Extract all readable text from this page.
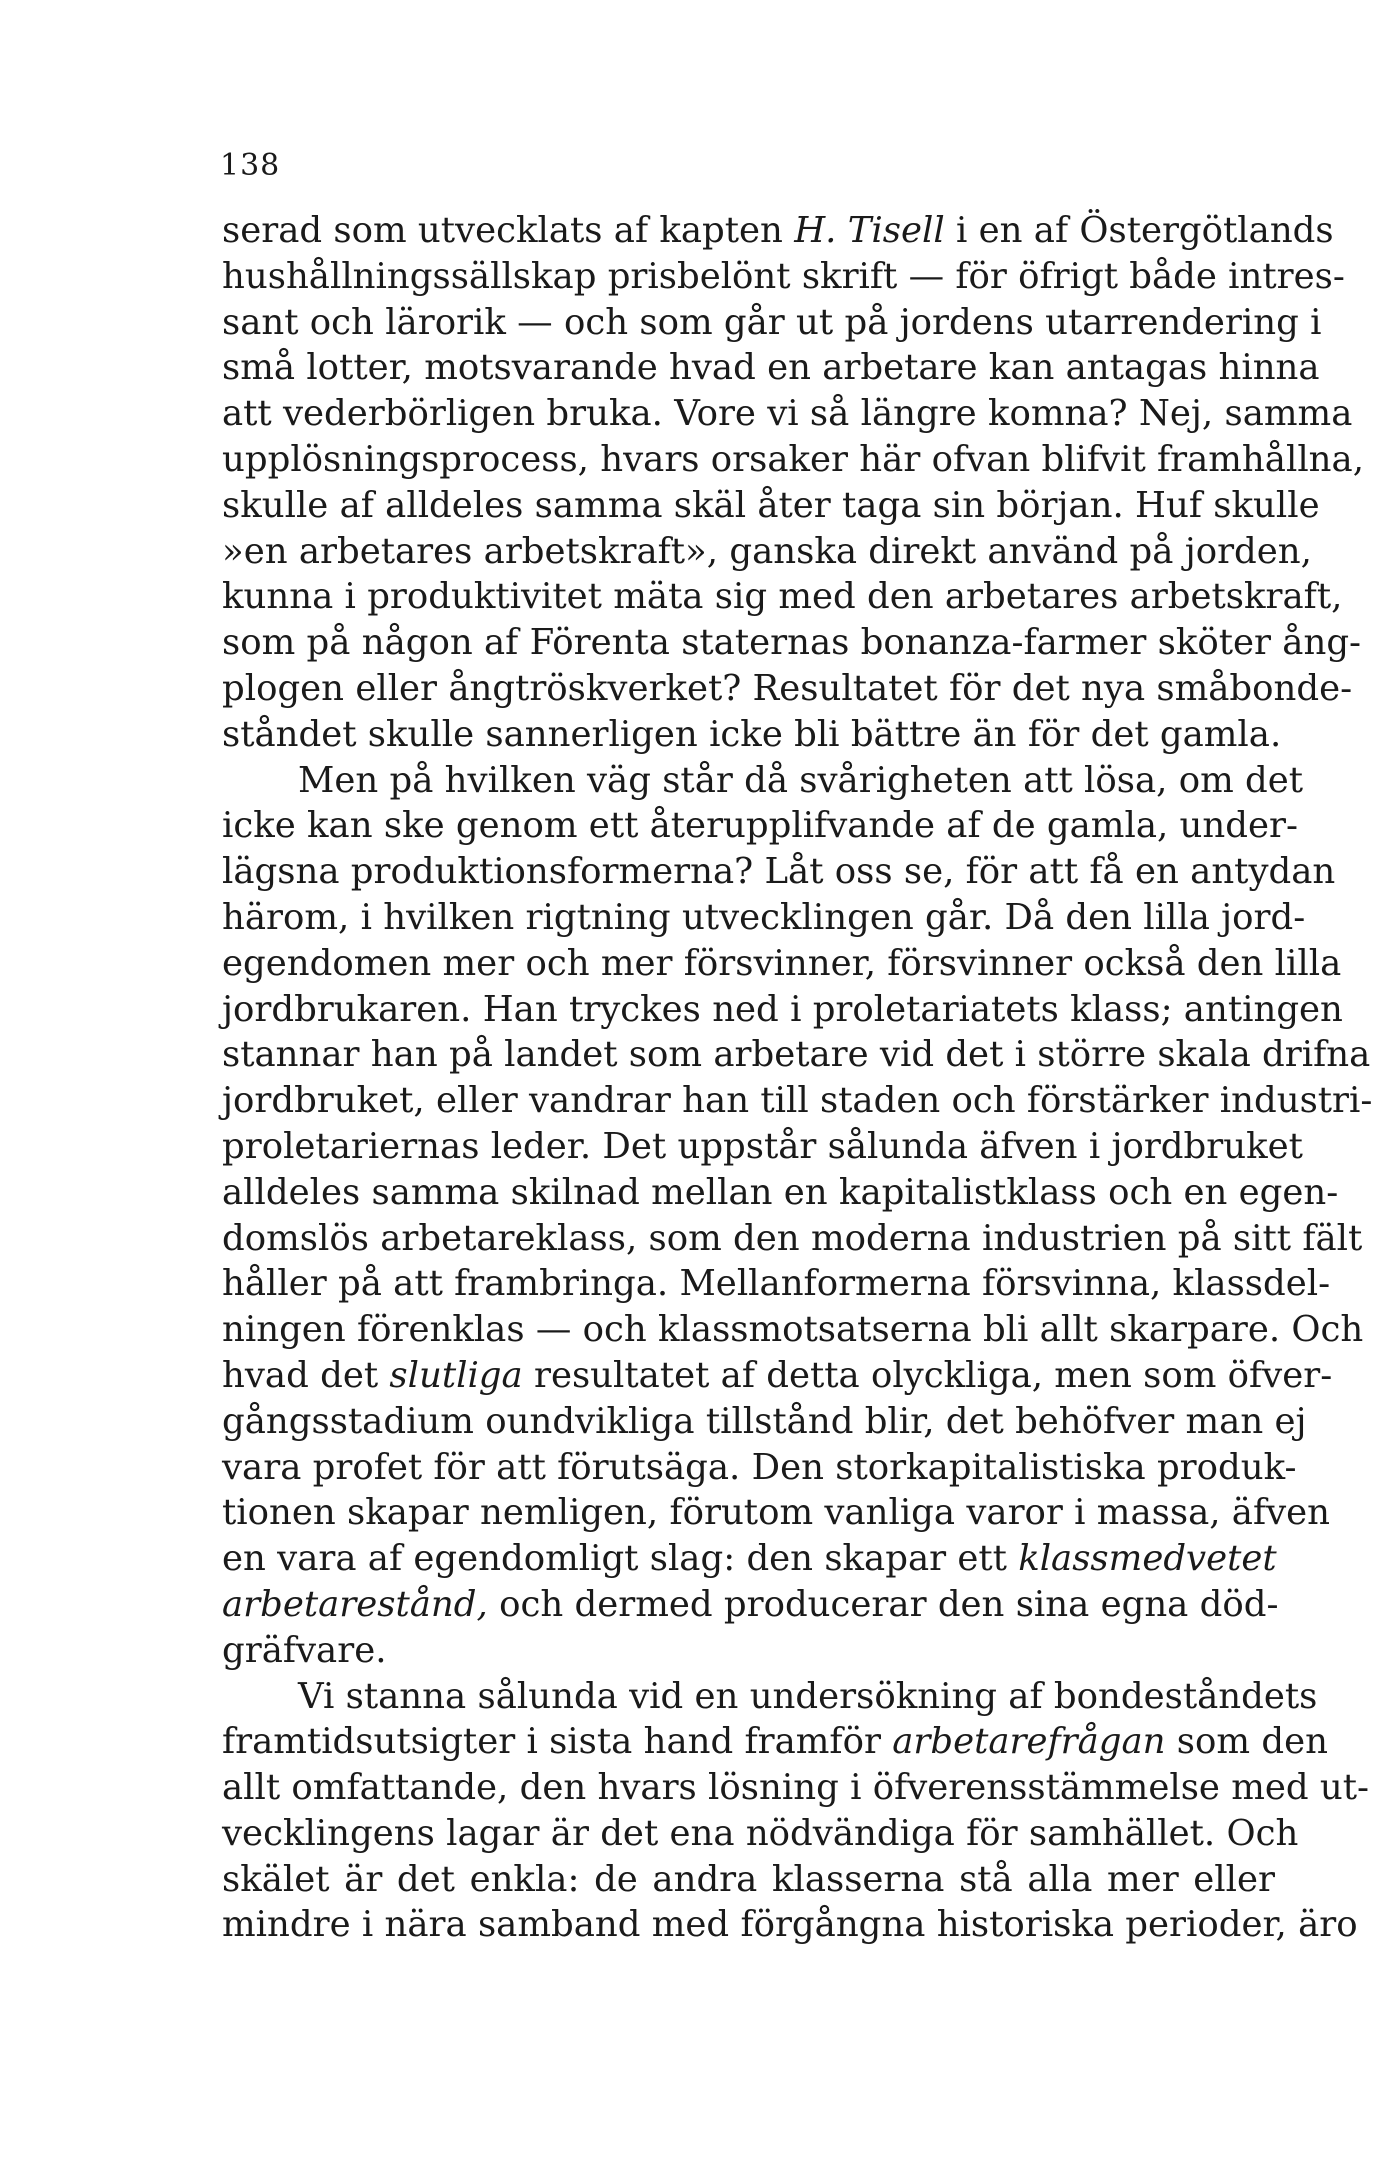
138
serad som utvecklats af kapten H. Tisell i en af Östergötlands
hushållningssällskap prisbelönt skrift — för öfrigt både intres-
sant och lärorik — och som går ut på jordens utarrendering i
små lotter, motsvarande hvad en arbetare kan antagas hinna
att vederbörligen bruka. Vore vi så längre komna? Nej, samma
upplösningsprocess, hvars orsaker här ofvan blifvit framhållna,
skulle af alldeles samma skäl åter taga sin början. Huf skulle
»en arbetares arbetskraft», ganska direkt använd på jorden,
kunna i produktivitet mäta sig med den arbetares arbetskraft,
som på någon af Förenta staternas bonanza-farmer sköter ång-
plogen eller ångtröskverket? Resultatet för det nya småbonde-
ståndet skulle sannerligen icke bli bättre än för det gamla.
Men på hvilken väg står då svårigheten att lösa, om det
icke kan ske genom ett återupplifvande af de gamla, under-
lägsna produktionsformerna? Låt oss se, för att få en antydan
härom, i hvilken rigtning utvecklingen går. Då den lilla jord-
egendomen mer och mer försvinner, försvinner också den lilla
jordbrukaren. Han tryckes ned i proletariatets klass; antingen
stannar han på landet som arbetare vid det i större skala drifna
jordbruket, eller vandrar han till staden och förstärker industri-
proletariernas leder. Det uppstår sålunda äfven i jordbruket
alldeles samma skilnad mellan en kapitalistklass och en egen-
domslös arbetareklass, som den moderna industrien på sitt fält
håller på att frambringa. Mellanformerna försvinna, klassdel-
ningen förenklas — och klassmotsatserna bli allt skarpare. Och
hvad det slutliga resultatet af detta olyckliga, men som öfver-
gångsstadium oundvikliga tillstånd blir, det behöfver man ej
vara profet för att förutsäga. Den storkapitalistiska produk-
tionen skapar nemligen, förutom vanliga varor i massa, äfven
en vara af egendomligt slag: den skapar ett klassmedvetet
arbetarestånd, och dermed producerar den sina egna död-
gräfvare.
Vi stanna sålunda vid en undersökning af bondeståndets
framtidsutsigter i sista hand framför arbetarefrågan som den
allt omfattande, den hvars lösning i öfverensstämmelse med ut-
vecklingens lagar är det ena nödvändiga för samhället. Och
skälet är det enkla: de andra klasserna stå alla mer eller
mindre i nära samband med förgångna historiska perioder, äro
